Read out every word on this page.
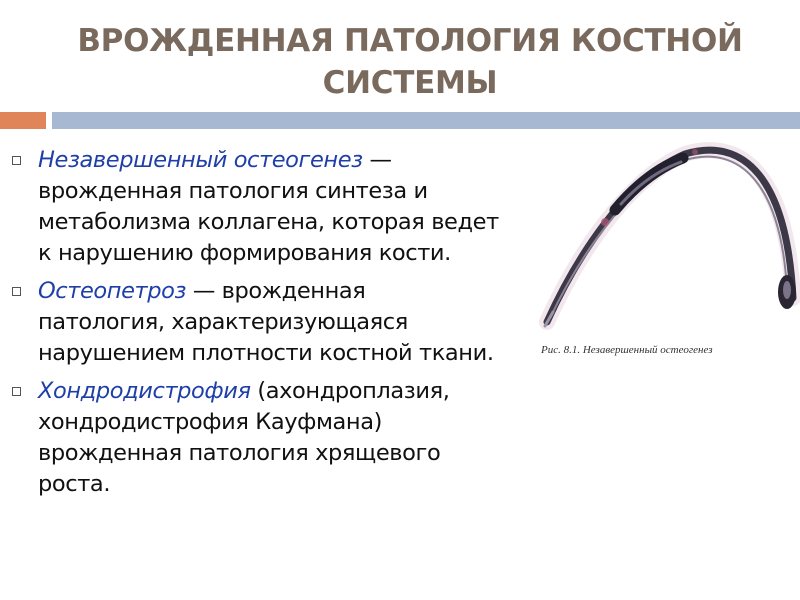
ВРОЖДЕННАЯ ПАТОЛОГИЯ КОСТНОЙ
СИСТЕМЫ
Незавершенный остеогенез —
врожденная патология синтеза и
метаболизма коллагена, которая ведет
к нарушению формирования кости.
Остеопетроз — врожденная
патология, характеризующаяся
нарушением плотности костной ткани.
Хондродистрофия (ахондроплазия,
хондродистрофия Кауфмана)
врожденная патология хрящевого
роста.
Рис. 8.1. Незавершенный остеогенез
